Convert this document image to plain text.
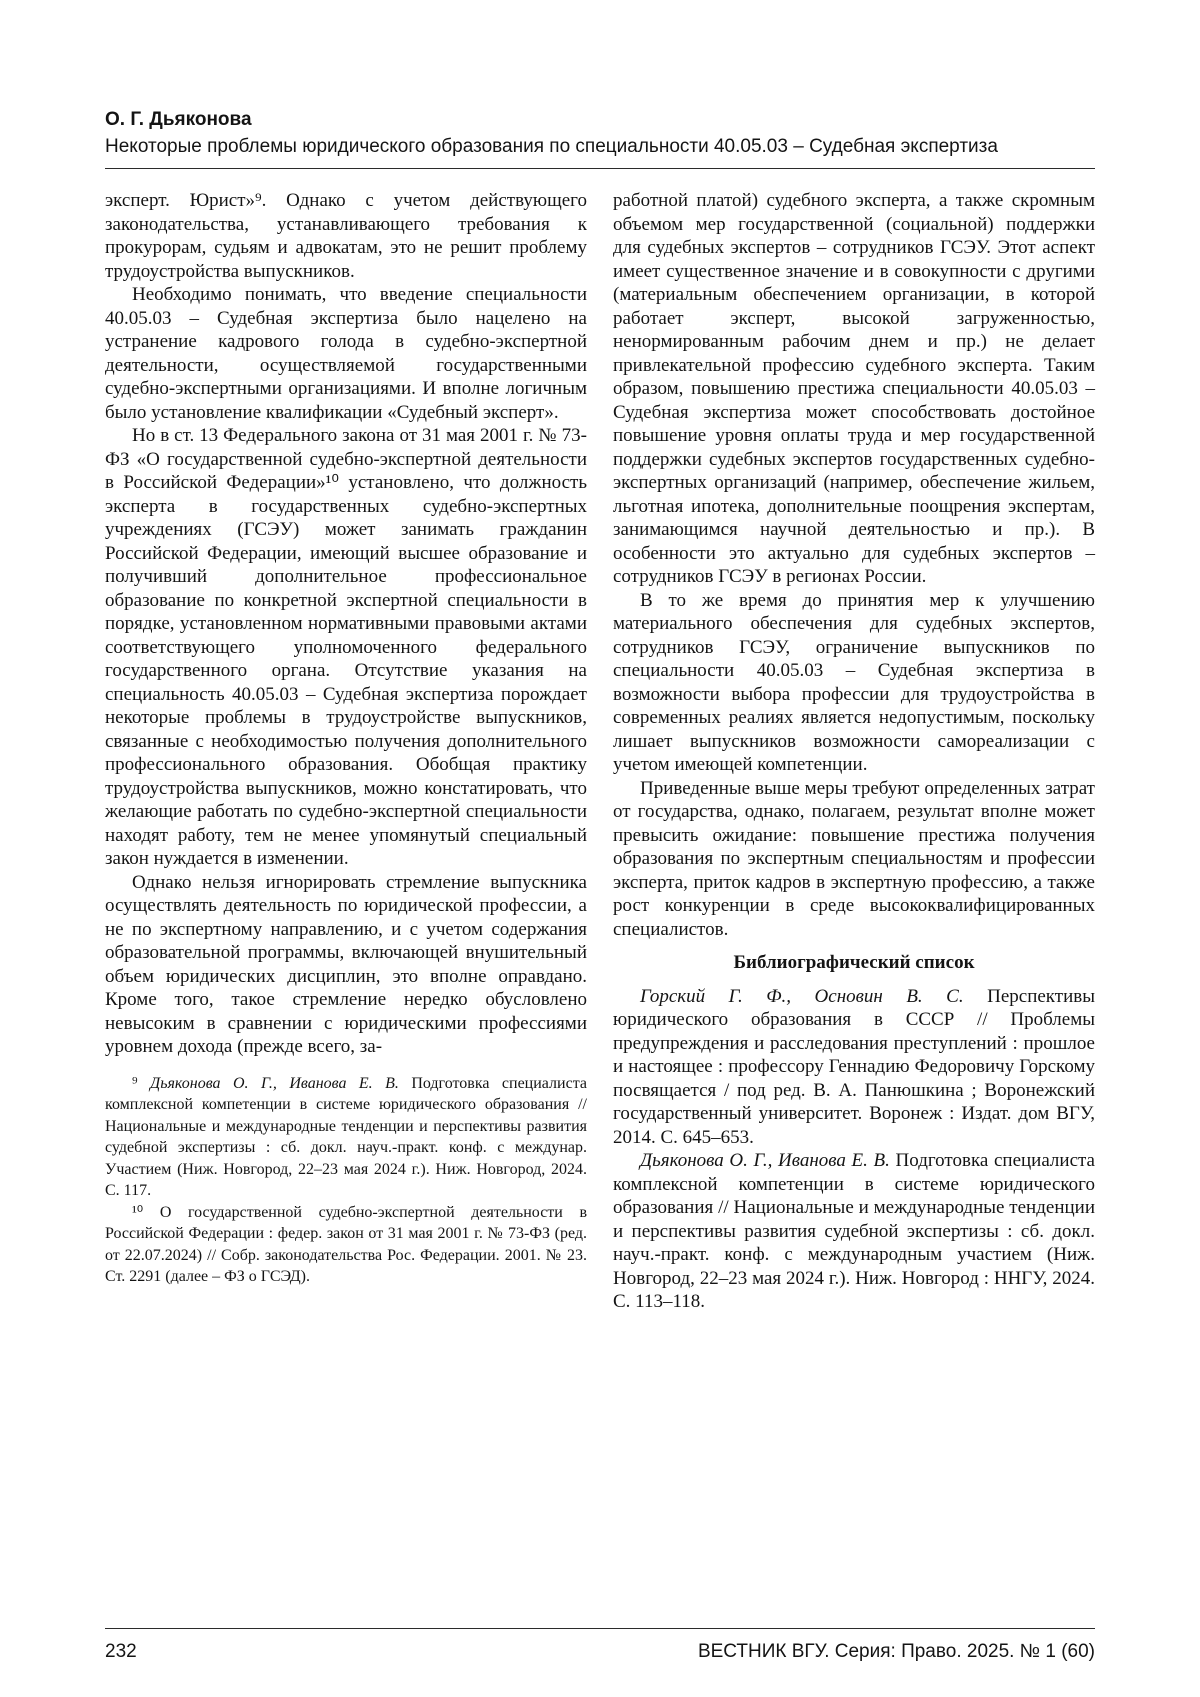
О. Г. Дьяконова
Некоторые проблемы юридического образования по специальности 40.05.03 – Судебная экспертиза

эксперт. Юрист»⁹. Однако с учетом действующего законодательства, устанавливающего требования к прокурорам, судьям и адвокатам, это не решит проблему трудоустройства выпускников.

Необходимо понимать, что введение специальности 40.05.03 – Судебная экспертиза было нацелено на устранение кадрового голода в судебно-экспертной деятельности, осуществляемой государственными судебно-экспертными организациями. И вполне логичным было установление квалификации «Судебный эксперт».

Но в ст. 13 Федерального закона от 31 мая 2001 г. № 73-ФЗ «О государственной судебно-экспертной деятельности в Российской Федерации»¹⁰ установлено, что должность эксперта в государственных судебно-экспертных учреждениях (ГСЭУ) может занимать гражданин Российской Федерации, имеющий высшее образование и получивший дополнительное профессиональное образование по конкретной экспертной специальности в порядке, установленном нормативными правовыми актами соответствующего уполномоченного федерального государственного органа. Отсутствие указания на специальность 40.05.03 – Судебная экспертиза порождает некоторые проблемы в трудоустройстве выпускников, связанные с необходимостью получения дополнительного профессионального образования. Обобщая практику трудоустройства выпускников, можно констатировать, что желающие работать по судебно-экспертной специальности находят работу, тем не менее упомянутый специальный закон нуждается в изменении.

Однако нельзя игнорировать стремление выпускника осуществлять деятельность по юридической профессии, а не по экспертному направлению, и с учетом содержания образовательной программы, включающей внушительный объем юридических дисциплин, это вполне оправдано. Кроме того, такое стремление нередко обусловлено невысоким в сравнении с юридическими профессиями уровнем дохода (прежде всего, за-

⁹ Дьяконова О. Г., Иванова Е. В. Подготовка специалиста комплексной компетенции в системе юридического образования // Национальные и международные тенденции и перспективы развития судебной экспертизы : сб. докл. науч.-практ. конф. с междунар. Участием (Ниж. Новгород, 22–23 мая 2024 г.). Ниж. Новгород, 2024. С. 117.

¹⁰ О государственной судебно-экспертной деятельности в Российской Федерации : федер. закон от 31 мая 2001 г. № 73-ФЗ (ред. от 22.07.2024) // Собр. законодательства Рос. Федерации. 2001. № 23. Ст. 2291 (далее – ФЗ о ГСЭД).

работной платой) судебного эксперта, а также скромным объемом мер государственной (социальной) поддержки для судебных экспертов – сотрудников ГСЭУ. Этот аспект имеет существенное значение и в совокупности с другими (материальным обеспечением организации, в которой работает эксперт, высокой загруженностью, ненормированным рабочим днем и пр.) не делает привлекательной профессию судебного эксперта. Таким образом, повышению престижа специальности 40.05.03 – Судебная экспертиза может способствовать достойное повышение уровня оплаты труда и мер государственной поддержки судебных экспертов государственных судебно-экспертных организаций (например, обеспечение жильем, льготная ипотека, дополнительные поощрения экспертам, занимающимся научной деятельностью и пр.). В особенности это актуально для судебных экспертов – сотрудников ГСЭУ в регионах России.

В то же время до принятия мер к улучшению материального обеспечения для судебных экспертов, сотрудников ГСЭУ, ограничение выпускников по специальности 40.05.03 – Судебная экспертиза в возможности выбора профессии для трудоустройства в современных реалиях является недопустимым, поскольку лишает выпускников возможности самореализации с учетом имеющей компетенции.

Приведенные выше меры требуют определенных затрат от государства, однако, полагаем, результат вполне может превысить ожидание: повышение престижа получения образования по экспертным специальностям и профессии эксперта, приток кадров в экспертную профессию, а также рост конкуренции в среде высококвалифицированных специалистов.

Библиографический список

Горский Г. Ф., Основин В. С. Перспективы юридического образования в СССР // Проблемы предупреждения и расследования преступлений : прошлое и настоящее : профессору Геннадию Федоровичу Горскому посвящается / под ред. В. А. Панюшкина ; Воронежский государственный университет. Воронеж : Издат. дом ВГУ, 2014. С. 645–653.

Дьяконова О. Г., Иванова Е. В. Подготовка специалиста комплексной компетенции в системе юридического образования // Национальные и международные тенденции и перспективы развития судебной экспертизы : сб. докл. науч.-практ. конф. с международным участием (Ниж. Новгород, 22–23 мая 2024 г.). Ниж. Новгород : ННГУ, 2024. С. 113–118.

232	ВЕСТНИК ВГУ. Серия: Право. 2025. № 1 (60)
